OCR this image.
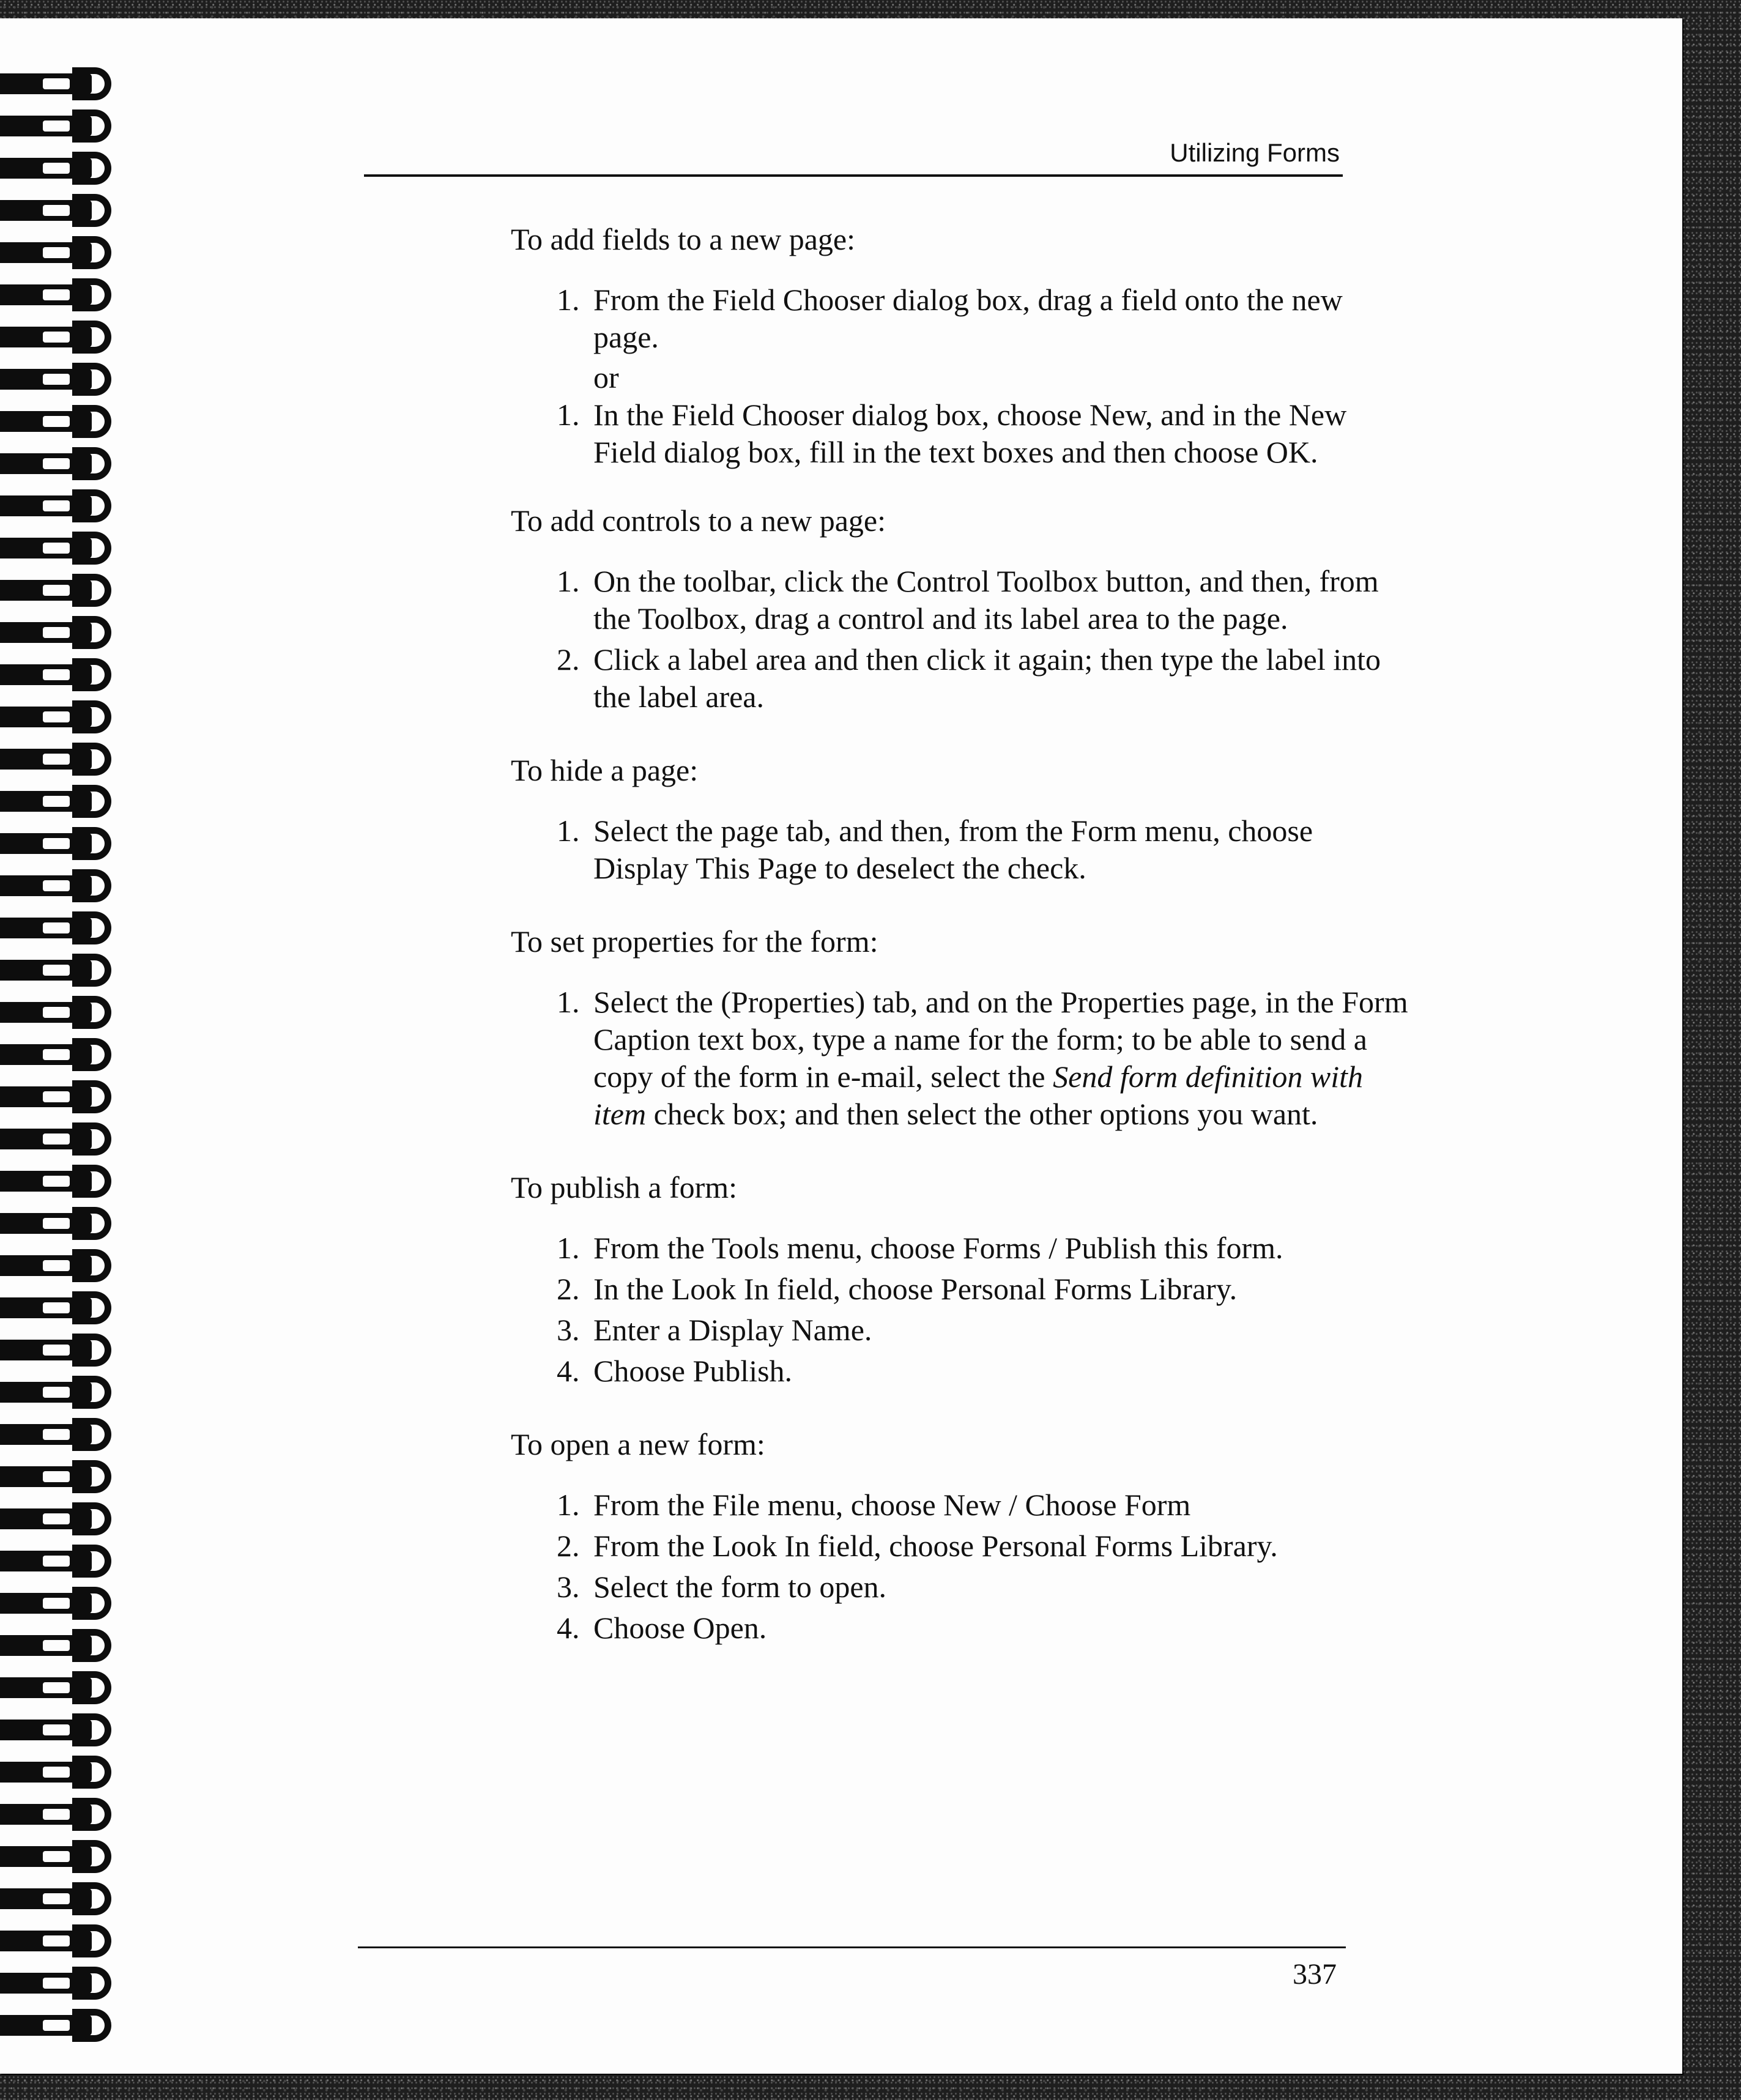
Utilizing Forms

To add fields to a new page:

1. From the Field Chooser dialog box, drag a field onto the new page.
or
1. In the Field Chooser dialog box, choose New, and in the New Field dialog box, fill in the text boxes and then choose OK.

To add controls to a new page:

1. On the toolbar, click the Control Toolbox button, and then, from the Toolbox, drag a control and its label area to the page.
2. Click a label area and then click it again; then type the label into the label area.

To hide a page:

1. Select the page tab, and then, from the Form menu, choose Display This Page to deselect the check.

To set properties for the form:

1. Select the (Properties) tab, and on the Properties page, in the Form Caption text box, type a name for the form; to be able to send a copy of the form in e-mail, select the Send form definition with item check box; and then select the other options you want.

To publish a form:

1. From the Tools menu, choose Forms / Publish this form.
2. In the Look In field, choose Personal Forms Library.
3. Enter a Display Name.
4. Choose Publish.

To open a new form:

1. From the File menu, choose New / Choose Form
2. From the Look In field, choose Personal Forms Library.
3. Select the form to open.
4. Choose Open.
337
